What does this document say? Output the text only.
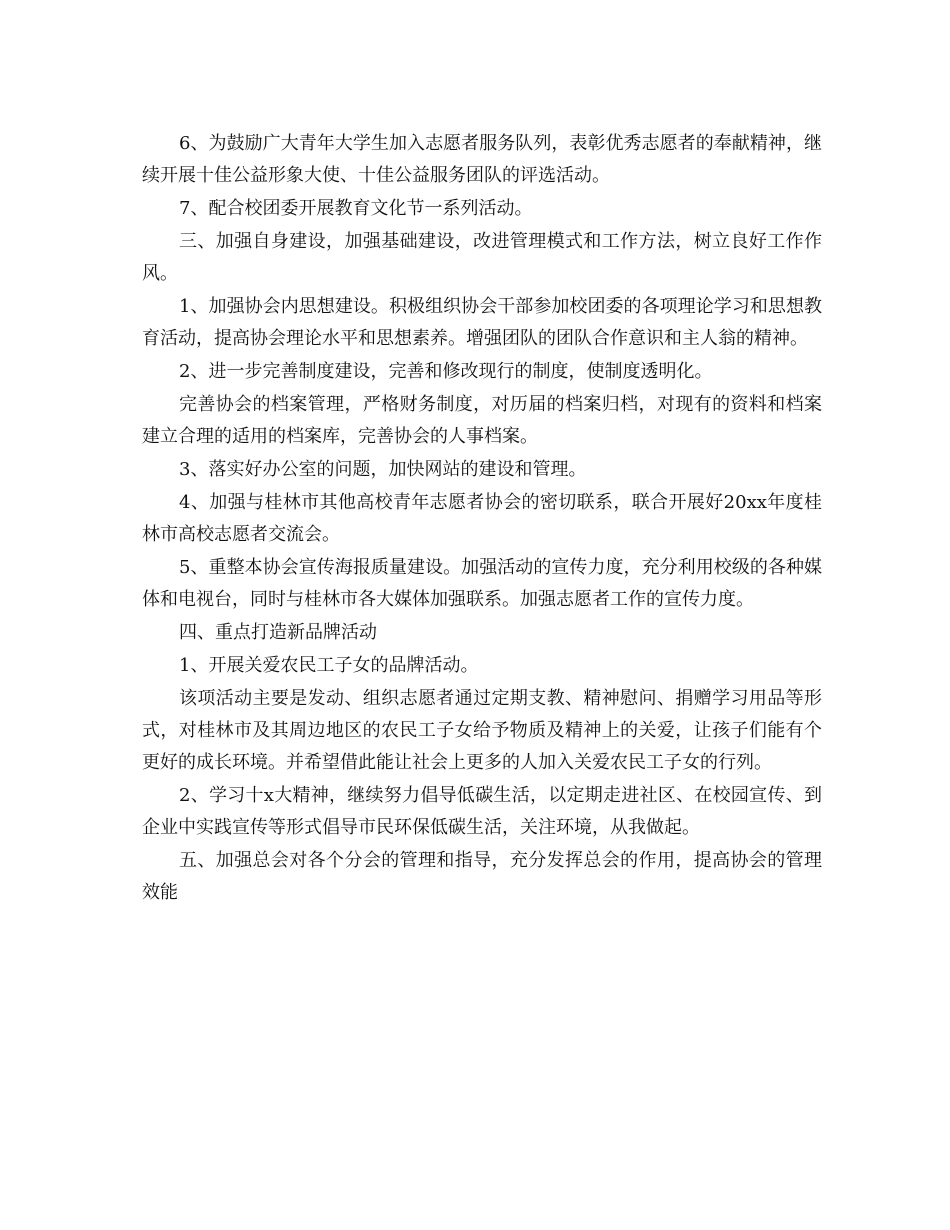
6、为鼓励广大青年大学生加入志愿者服务队列，表彰优秀志愿者的奉献精神，继续开展十佳公益形象大使、十佳公益服务团队的评选活动。

7、配合校团委开展教育文化节一系列活动。

三、加强自身建设，加强基础建设，改进管理模式和工作方法，树立良好工作作风。

1、加强协会内思想建设。积极组织协会干部参加校团委的各项理论学习和思想教育活动，提高协会理论水平和思想素养。增强团队的团队合作意识和主人翁的精神。

2、进一步完善制度建设，完善和修改现行的制度，使制度透明化。

完善协会的档案管理，严格财务制度，对历届的档案归档，对现有的资料和档案建立合理的适用的档案库，完善协会的人事档案。

3、落实好办公室的问题，加快网站的建设和管理。

4、加强与桂林市其他高校青年志愿者协会的密切联系，联合开展好20xx年度桂林市高校志愿者交流会。

5、重整本协会宣传海报质量建设。加强活动的宣传力度，充分利用校级的各种媒体和电视台，同时与桂林市各大媒体加强联系。加强志愿者工作的宣传力度。

四、重点打造新品牌活动

1、开展关爱农民工子女的品牌活动。

该项活动主要是发动、组织志愿者通过定期支教、精神慰问、捐赠学习用品等形式，对桂林市及其周边地区的农民工子女给予物质及精神上的关爱，让孩子们能有个更好的成长环境。并希望借此能让社会上更多的人加入关爱农民工子女的行列。

2、学习十x大精神，继续努力倡导低碳生活，以定期走进社区、在校园宣传、到企业中实践宣传等形式倡导市民环保低碳生活，关注环境，从我做起。

五、加强总会对各个分会的管理和指导，充分发挥总会的作用，提高协会的管理效能
